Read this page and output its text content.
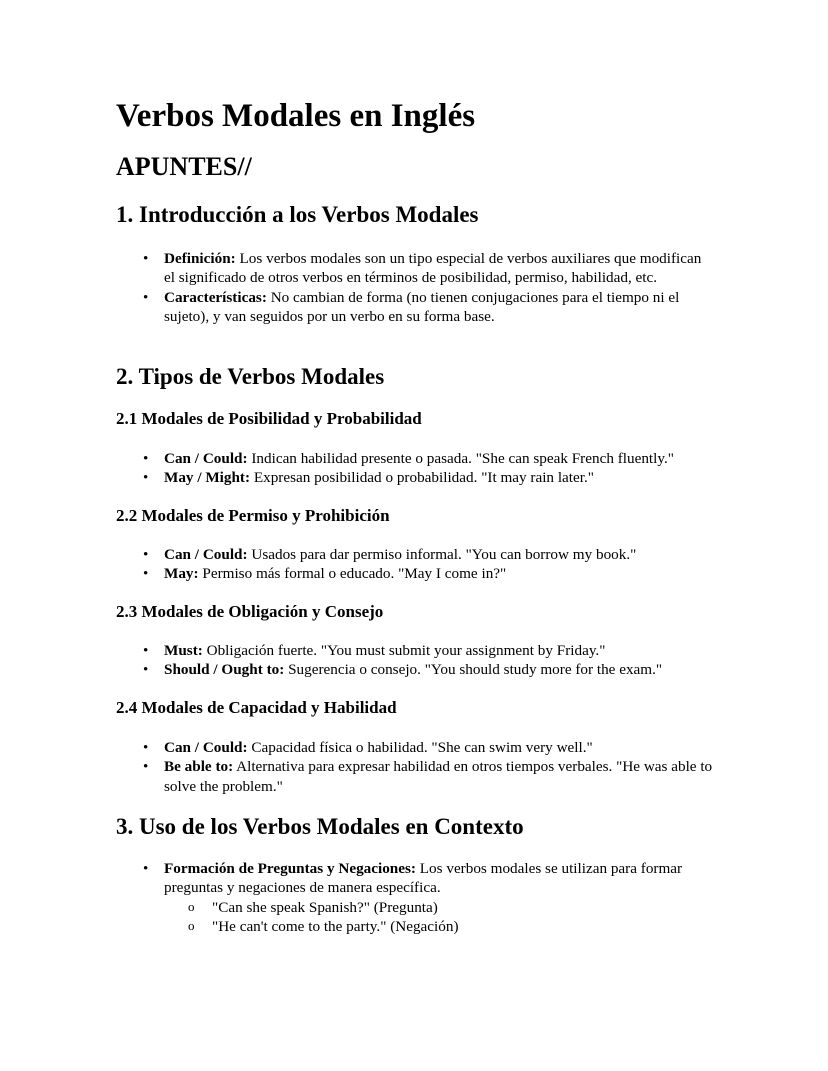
Verbos Modales en Inglés
APUNTES//
1. Introducción a los Verbos Modales
• Definición: Los verbos modales son un tipo especial de verbos auxiliares que modifican el significado de otros verbos en términos de posibilidad, permiso, habilidad, etc.
• Características: No cambian de forma (no tienen conjugaciones para el tiempo ni el sujeto), y van seguidos por un verbo en su forma base.
2. Tipos de Verbos Modales
2.1 Modales de Posibilidad y Probabilidad
• Can / Could: Indican habilidad presente o pasada. "She can speak French fluently."
• May / Might: Expresan posibilidad o probabilidad. "It may rain later."
2.2 Modales de Permiso y Prohibición
• Can / Could: Usados para dar permiso informal. "You can borrow my book."
• May: Permiso más formal o educado. "May I come in?"
2.3 Modales de Obligación y Consejo
• Must: Obligación fuerte. "You must submit your assignment by Friday."
• Should / Ought to: Sugerencia o consejo. "You should study more for the exam."
2.4 Modales de Capacidad y Habilidad
• Can / Could: Capacidad física o habilidad. "She can swim very well."
• Be able to: Alternativa para expresar habilidad en otros tiempos verbales. "He was able to solve the problem."
3. Uso de los Verbos Modales en Contexto
• Formación de Preguntas y Negaciones: Los verbos modales se utilizan para formar preguntas y negaciones de manera específica.
o "Can she speak Spanish?" (Pregunta)
o "He can't come to the party." (Negación)
